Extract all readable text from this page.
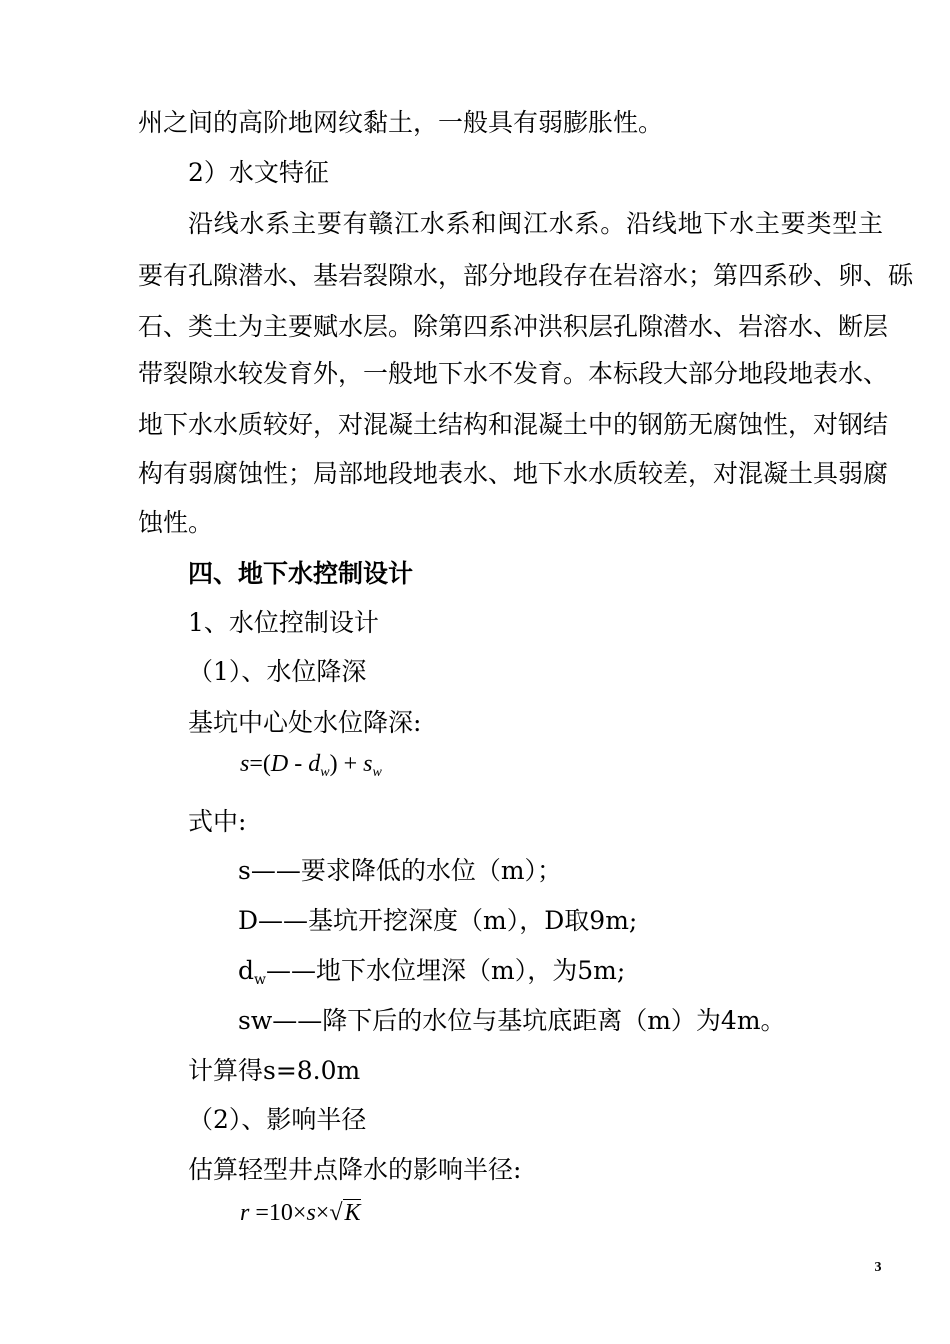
州之间的高阶地网纹黏土，一般具有弱膨胀性。
2）水文特征
沿线水系主要有赣江水系和闽江水系。沿线地下水主要类型主
要有孔隙潜水、基岩裂隙水，部分地段存在岩溶水；第四系砂、卵、砾
石、类土为主要赋水层。除第四系冲洪积层孔隙潜水、岩溶水、断层
带裂隙水较发育外，一般地下水不发育。本标段大部分地段地表水、
地下水水质较好，对混凝土结构和混凝土中的钢筋无腐蚀性，对钢结
构有弱腐蚀性；局部地段地表水、地下水水质较差，对混凝土具弱腐
蚀性。
四、地下水控制设计
1、水位控制设计
（1）、水位降深
基坑中心处水位降深:
$s=(D - d_w) + s_w$
式中:
s——要求降低的水位（m）；
D——基坑开挖深度（m），D取9m;
$d_w——$地下水位埋深（m），为5m;
sw——降下后的水位与基坑底距离（m）为4m。
计算得s=8.0m
（2）、影响半径
估算轻型井点降水的影响半径:
r =10×s×√K
3
